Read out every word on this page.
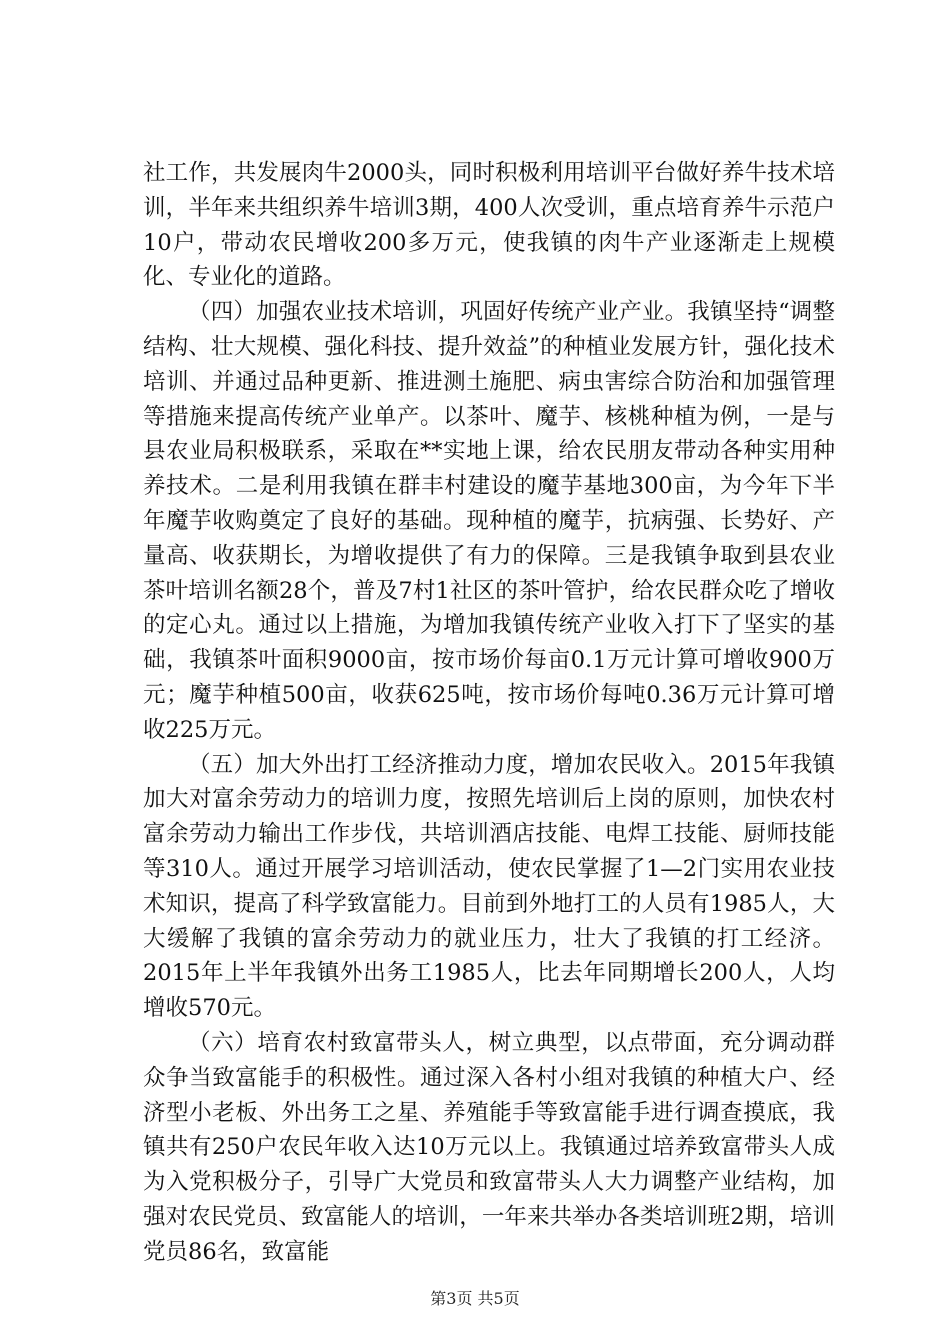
社工作，共发展肉牛2000头，同时积极利用培训平台做好养牛技术培训，半年来共组织养牛培训3期，400人次受训，重点培育养牛示范户10户，带动农民增收200多万元，使我镇的肉牛产业逐渐走上规模化、专业化的道路。

（四）加强农业技术培训，巩固好传统产业产业。我镇坚持“调整结构、壮大规模、强化科技、提升效益”的种植业发展方针，强化技术培训、并通过品种更新、推进测土施肥、病虫害综合防治和加强管理等措施来提高传统产业单产。以茶叶、魔芋、核桃种植为例，一是与县农业局积极联系，采取在**实地上课，给农民朋友带动各种实用种养技术。二是利用我镇在群丰村建设的魔芋基地300亩，为今年下半年魔芋收购奠定了良好的基础。现种植的魔芋，抗病强、长势好、产量高、收获期长，为增收提供了有力的保障。三是我镇争取到县农业茶叶培训名额28个，普及7村1社区的茶叶管护，给农民群众吃了增收的定心丸。通过以上措施，为增加我镇传统产业收入打下了坚实的基础，我镇茶叶面积9000亩，按市场价每亩0.1万元计算可增收900万元；魔芋种植500亩，收获625吨，按市场价每吨0.36万元计算可增收225万元。

（五）加大外出打工经济推动力度，增加农民收入。2015年我镇加大对富余劳动力的培训力度，按照先培训后上岗的原则，加快农村富余劳动力输出工作步伐，共培训酒店技能、电焊工技能、厨师技能等310人。通过开展学习培训活动，使农民掌握了1—2门实用农业技术知识，提高了科学致富能力。目前到外地打工的人员有1985人，大大缓解了我镇的富余劳动力的就业压力，壮大了我镇的打工经济。2015年上半年我镇外出务工1985人，比去年同期增长200人，人均增收570元。

（六）培育农村致富带头人，树立典型，以点带面，充分调动群众争当致富能手的积极性。通过深入各村小组对我镇的种植大户、经济型小老板、外出务工之星、养殖能手等致富能手进行调查摸底，我镇共有250户农民年收入达10万元以上。我镇通过培养致富带头人成为入党积极分子，引导广大党员和致富带头人大力调整产业结构，加强对农民党员、致富能人的培训，一年来共举办各类培训班2期，培训党员86名，致富能

第3页 共5页
